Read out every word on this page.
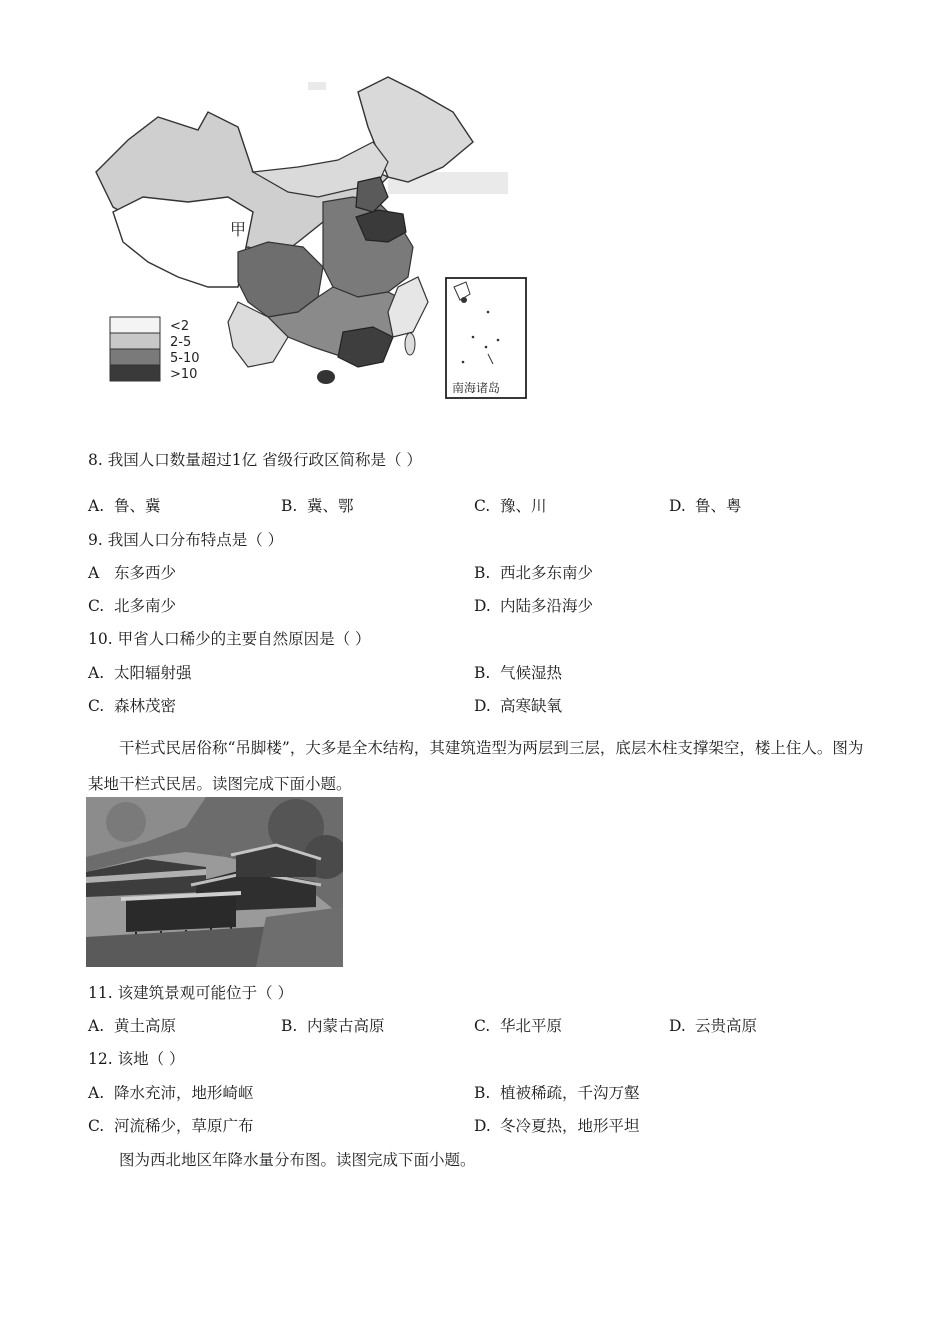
甲
<2
2-5
5-10
>10
南海诸岛
8. 我国人口数量超过1亿 省级行政区简称是（ ）
A. 鲁、冀	B. 冀、鄂	C. 豫、川	D. 鲁、粤
9. 我国人口分布特点是（ ）
A 东多西少	B. 西北多东南少
C. 北多南少	D. 内陆多沿海少
10. 甲省人口稀少的主要自然原因是（ ）
A. 太阳辐射强	B. 气候湿热
C. 森林茂密	D. 高寒缺氧
干栏式民居俗称“吊脚楼”，大多是全木结构，其建筑造型为两层到三层，底层木柱支撑架空，楼上住人。图为某地干栏式民居。读图完成下面小题。
11. 该建筑景观可能位于（ ）
A. 黄土高原	B. 内蒙古高原	C. 华北平原	D. 云贵高原
12. 该地（ ）
A. 降水充沛，地形崎岖	B. 植被稀疏，千沟万壑
C. 河流稀少，草原广布	D. 冬冷夏热，地形平坦
图为西北地区年降水量分布图。读图完成下面小题。
